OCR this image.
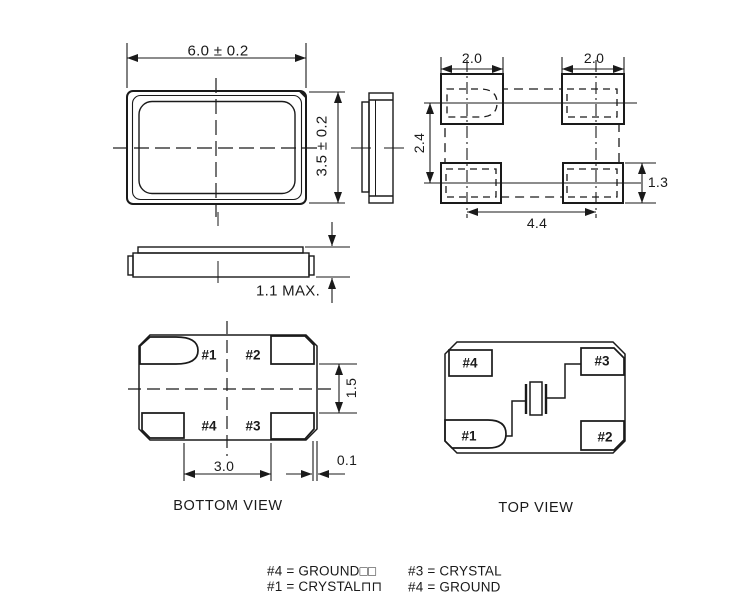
6.0 ± 0.2
3.5 ± 0.2
1.1 MAX.
2.0	2.0
2.4
1.3
4.4
#1 #2
#4 #3
1.5
3.0	0.1
BOTTOM VIEW
#4	#3
#1	#2
TOP VIEW
#4 = GROUND□□ #3 = CRYSTAL
#1 = CRYSTAL⊓⊓ #4 = GROUND
